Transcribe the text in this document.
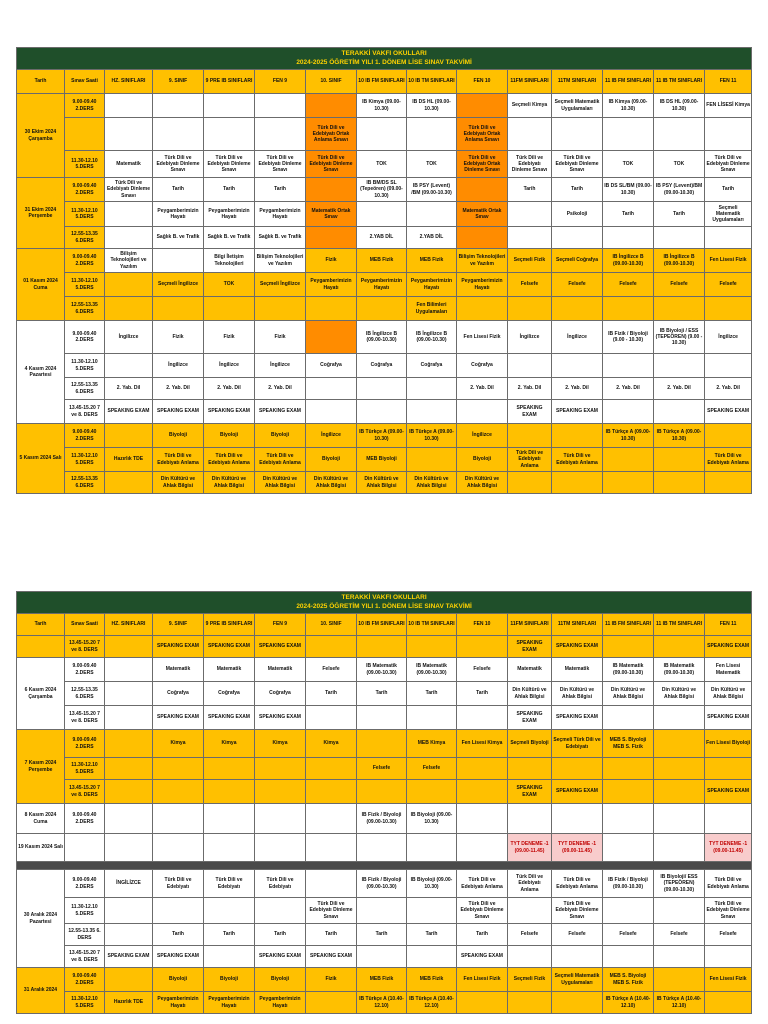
TERAKKİ VAKFI OKULLARI
2024-2025 ÖĞRETİM YILI 1. DÖNEM LİSE SINAV TAKVİMİ														

Tarih	Sınav Saati	HZ. SINIFLARI	9. SINIF	9 PRE IB SINIFLARI	FEN 9	10. SINIF	10 IB FM SINIFLARI	10 IB TM SINIFLARI	FEN 10	11FM SINIFLARI	11TM SINIFLARI	11 IB FM SINIFLARI	11 IB TM SINIFLARI	FEN 11
30 Ekim 2024 Çarşamba	9.00-09.40 2.DERS						IB Kimya (09.00-10.30)	IB DS HL (09.00-10.30)		Seçmeli Kimya	Seçmeli Matematik Uygulamaları	IB Kimya (09.00-10.30)	IB DS HL (09.00-10.30)	FEN LİSESİ Kimya
						Türk Dili ve Edebiyatı Ortak Anlama Sınavı			Türk Dili ve Edebiyatı Ortak Anlama Sınavı					
	11.30-12.10 5.DERS	Matematik	Türk Dili ve Edebiyatı Dinleme Sınavı	Türk Dili ve Edebiyatı Dinleme Sınavı	Türk Dili ve Edebiyatı Dinleme Sınavı	Türk Dili ve Edebiyatı Dinleme Sınavı	TOK	TOK	Türk Dili ve Edebiyatı Ortak Dinleme Sınavı	Türk Dili ve Edebiyatı Dinleme Sınavı	Türk Dili ve Edebiyatı Dinleme Sınavı	TOK	TOK	Türk Dili ve Edebiyatı Dinleme Sınavı
31 Ekim 2024 Perşembe	9.00-09.40 2.DERS	Türk Dili ve Edebiyatı Dinleme Sınavı	Tarih	Tarih	Tarih		IB BM/DS SL (Tepeören) (09.00-10.30)	IB PSY (Levent) /BM (09.00-10.30)		Tarih	Tarih	IB DS SL/BM (09.00-10.30)	IB PSY (Levent)/BM (09.00-10.30)	Tarih
	11.30-12.10 5.DERS		Peygamberimizin Hayatı	Peygamberimizin Hayatı	Peygamberimizin Hayatı	Matematik Ortak Sınav			Matematik Ortak Sınav		Psikoloji	Tarih	Tarih	Seçmeli Matematik Uygulamaları
	12.55-13.35 6.DERS		Sağlık B. ve Trafik	Sağlık B. ve Trafik	Sağlık B. ve Trafik		2.YAB DİL	2.YAB DİL						
01 Kasım 2024 Cuma	9.00-09.40 2.DERS	Bilişim Teknolojileri ve Yazılım		Bilgi İletişim Teknolojileri	Bilişim Teknolojileri ve Yazılım	Fizik	MEB Fizik	MEB Fizik	Bilişim Teknolojileri ve Yazılım	Seçmeli Fizik	Seçmeli Coğrafya	IB İngilizce B (09.00-10.30)	IB İngilizce B (09.00-10.30)	Fen Lisesi Fizik
	11.30-12.10 5.DERS		Seçmeli İngilizce	TOK	Seçmeli İngilizce	Peygamberimizin Hayatı	Peygamberimizin Hayatı	Peygamberimizin Hayatı	Peygamberimizin Hayatı	Felsefe	Felsefe	Felsefe	Felsefe	Felsefe
	12.55-13.35 6.DERS							Fen Bilimleri Uygulamaları						
4 Kasım 2024 Pazartesi	9.00-09.40 2.DERS	İngilizce	Fizik	Fizik	Fizik		IB İngilizce B (09.00-10.30)	IB İngilizce B (09.00-10.30)	Fen Lisesi Fizik	İngilizce	İngilizce	IB Fizik / Biyoloji (9.00 - 10.30)	IB Biyoloji / ESS (TEPEÖREN) (9.00 - 10.30)	İngilizce
	11.30-12.10 5.DERS		İngilizce	İngilizce	İngilizce	Coğrafya	Coğrafya	Coğrafya	Coğrafya					
	12.55-13.35 6.DERS	2. Yab. Dil	2. Yab. Dil	2. Yab. Dil	2. Yab. Dil				2. Yab. Dil	2. Yab. Dil	2. Yab. Dil	2. Yab. Dil	2. Yab. Dil	2. Yab. Dil
	13.45-15.20 7 ve 8. DERS	SPEAKING EXAM	SPEAKING EXAM	SPEAKING EXAM	SPEAKING EXAM					SPEAKING EXAM	SPEAKING EXAM			SPEAKING EXAM
5 Kasım 2024 Salı	9.00-09.40 2.DERS		Biyoloji	Biyoloji	Biyoloji	İngilizce	IB Türkçe A (09.00-10.30)	IB Türkçe A (09.00-10.30)	İngilizce			IB Türkçe A (09.00-10.30)	IB Türkçe A (09.00-10.30)	
	11.30-12.10 5.DERS	Hazırlık TDE	Türk Dili ve Edebiyatı Anlama	Türk Dili ve Edebiyatı Anlama	Türk Dili ve Edebiyatı Anlama	Biyoloji	MEB Biyoloji		Biyoloji	Türk Dili ve Edebiyatı Anlama	Türk Dili ve Edebiyatı Anlama			Türk Dili ve Edebiyatı Anlama
	12.55-13.35 6.DERS		Din Kültürü ve Ahlak Bilgisi	Din Kültürü ve Ahlak Bilgisi	Din Kültürü ve Ahlak Bilgisi	Din Kültürü ve Ahlak Bilgisi	Din Kültürü ve Ahlak Bilgisi	Din Kültürü ve Ahlak Bilgisi	Din Kültürü ve Ahlak Bilgisi					
TERAKKİ VAKFI OKULLARI
2024-2025 ÖĞRETİM YILI 1. DÖNEM LİSE SINAV TAKVİMİ														

Tarih	Sınav Saati	HZ. SINIFLARI	9. SINIF	9 PRE IB SINIFLARI	FEN 9	10. SINIF	10 IB FM SINIFLARI	10 IB TM SINIFLARI	FEN 10	11FM SINIFLARI	11TM SINIFLARI	11 IB FM SINIFLARI	11 IB TM SINIFLARI	FEN 11
	13.45-15.20 7 ve 8. DERS		SPEAKING EXAM	SPEAKING EXAM	SPEAKING EXAM					SPEAKING EXAM	SPEAKING EXAM			SPEAKING EXAM
6 Kasım 2024 Çarşamba	9.00-09.40 2.DERS		Matematik	Matematik	Matematik	Felsefe	IB Matematik (09.00-10.30)	IB Matematik (09.00-10.30)	Felsefe	Matematik	Matematik	IB Matematik (09.00-10.30)	IB Matematik (09.00-10.30)	Fen Lisesi Matematik
	12.55-13.35 6.DERS		Coğrafya	Coğrafya	Coğrafya	Tarih	Tarih	Tarih	Tarih	Din Kültürü ve Ahlak Bilgisi	Din Kültürü ve Ahlak Bilgisi	Din Kültürü ve Ahlak Bilgisi	Din Kültürü ve Ahlak Bilgisi	Din Kültürü ve Ahlak Bilgisi
	13.45-15.20 7 ve 8. DERS		SPEAKING EXAM	SPEAKING EXAM	SPEAKING EXAM					SPEAKING EXAM	SPEAKING EXAM			SPEAKING EXAM
7 Kasım 2024 Perşembe	9.00-09.40 2.DERS		Kimya	Kimya	Kimya	Kimya		MEB Kimya	Fen Lisesi Kimya	Seçmeli Biyoloji	Seçmeli Türk Dili ve Edebiyatı	MEB S. Biyoloji MEB S. Fizik		Fen Lisesi Biyoloji
	11.30-12.10 5.DERS						Felsefe	Felsefe						
	13.45-15.20 7 ve 8. DERS									SPEAKING EXAM	SPEAKING EXAM			SPEAKING EXAM
8 Kasım 2024 Cuma	9.00-09.40 2.DERS						IB Fizik / Biyoloji (09.00-10.30)	IB Biyoloji (09.00-10.30)						
19 Kasım 2024 Salı										TYT DENEME -1 (09.00-11.45)	TYT DENEME -1 (09.00-11.45)			TYT DENEME -1 (09.00-11.45)

30 Aralık 2024 Pazartesi	9.00-09.40 2.DERS	İNGİLİZCE	Türk Dili ve Edebiyatı	Türk Dili ve Edebiyatı	Türk Dili ve Edebiyatı		IB Fizik / Biyoloji (09.00-10.30)	IB Biyoloji (09.00-10.30)	Türk Dili ve Edebiyatı Anlama	Türk Dili ve Edebiyatı Anlama	Türk Dili ve Edebiyatı Anlama	IB Fizik / Biyoloji (09.00-10.30)	IB Biyoloji/ ESS (TEPEÖREN) (09.00-10.30)	Türk Dili ve Edebiyatı Anlama
	11.30-12.10 5.DERS					Türk Dili ve Edebiyatı Dinleme Sınavı			Türk Dili ve Edebiyatı Dinleme Sınavı		Türk Dili ve Edebiyatı Dinleme Sınavı			Türk Dili ve Edebiyatı Dinleme Sınavı
	12.55-13.35 6. DERS		Tarih	Tarih	Tarih	Tarih	Tarih	Tarih	Tarih	Felsefe	Felsefe	Felsefe	Felsefe	Felsefe
	13.45-15.20 7 ve 8. DERS	SPEAKING EXAM	SPEAKING EXAM		SPEAKING EXAM	SPEAKING EXAM			SPEAKING EXAM					
31 Aralık 2024	9.00-09.40 2.DERS		Biyoloji	Biyoloji	Biyoloji	Fizik	MEB Fizik	MEB Fizik	Fen Lisesi Fizik	Seçmeli Fizik	Seçmeli Matematik Uygulamaları	MEB S. Biyoloji MEB S. Fizik		Fen Lisesi Fizik
	11.30-12.10 5.DERS	Hazırlık TDE	Peygamberimizin Hayatı	Peygamberimizin Hayatı	Peygamberimizin Hayatı		IB Türkçe A (10.40-12.10)	IB Türkçe A (10.40-12.10)				IB Türkçe A (10.40-12.10)	IB Türkçe A (10.40-12.10)	
